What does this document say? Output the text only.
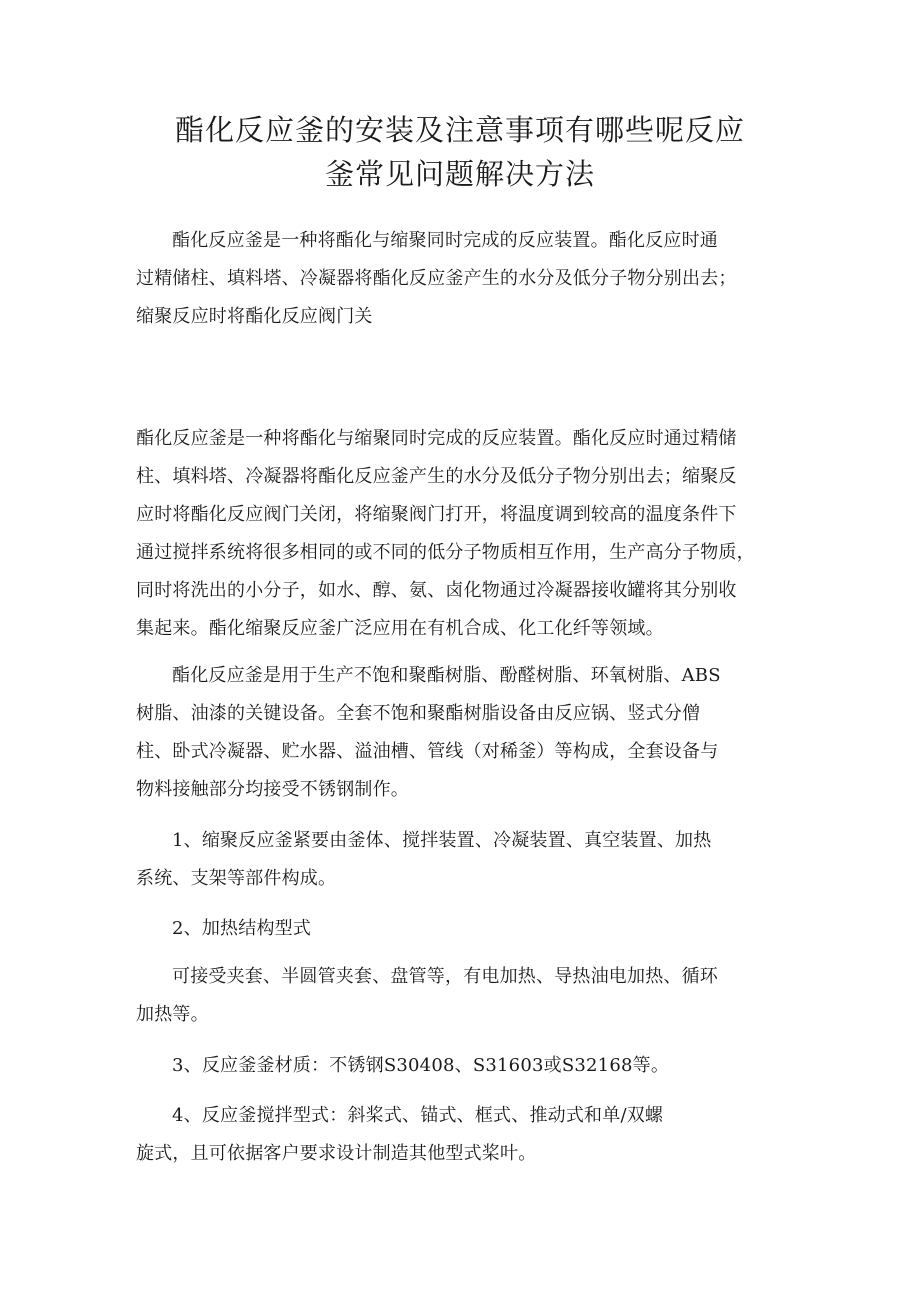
酯化反应釜的安装及注意事项有哪些呢反应
釜常见问题解决方法

酯化反应釜是一种将酯化与缩聚同时完成的反应装置。酯化反应时通
过精储柱、填料塔、冷凝器将酯化反应釜产生的水分及低分子物分别出去；
缩聚反应时将酯化反应阀门关

酯化反应釜是一种将酯化与缩聚同时完成的反应装置。酯化反应时通过精储
柱、填料塔、冷凝器将酯化反应釜产生的水分及低分子物分别出去；缩聚反
应时将酯化反应阀门关闭，将缩聚阀门打开，将温度调到较高的温度条件下
通过搅拌系统将很多相同的或不同的低分子物质相互作用，生产高分子物质，
同时将洗出的小分子，如水、醇、氨、卤化物通过冷凝器接收罐将其分别收
集起来。酯化缩聚反应釜广泛应用在有机合成、化工化纤等领域。

酯化反应釜是用于生产不饱和聚酯树脂、酚醛树脂、环氧树脂、ABS
树脂、油漆的关键设备。全套不饱和聚酯树脂设备由反应锅、竖式分僧
柱、卧式冷凝器、贮水器、溢油槽、管线（对稀釜）等构成，全套设备与
物料接触部分均接受不锈钢制作。

1、缩聚反应釜紧要由釜体、搅拌装置、冷凝装置、真空装置、加热
系统、支架等部件构成。

2、加热结构型式

可接受夹套、半圆管夹套、盘管等，有电加热、导热油电加热、循环
加热等。

3、反应釜釜材质：不锈钢S30408、S31603或S32168等。

4、反应釜搅拌型式：斜桨式、锚式、框式、推动式和单/双螺
旋式，且可依据客户要求设计制造其他型式桨叶。
